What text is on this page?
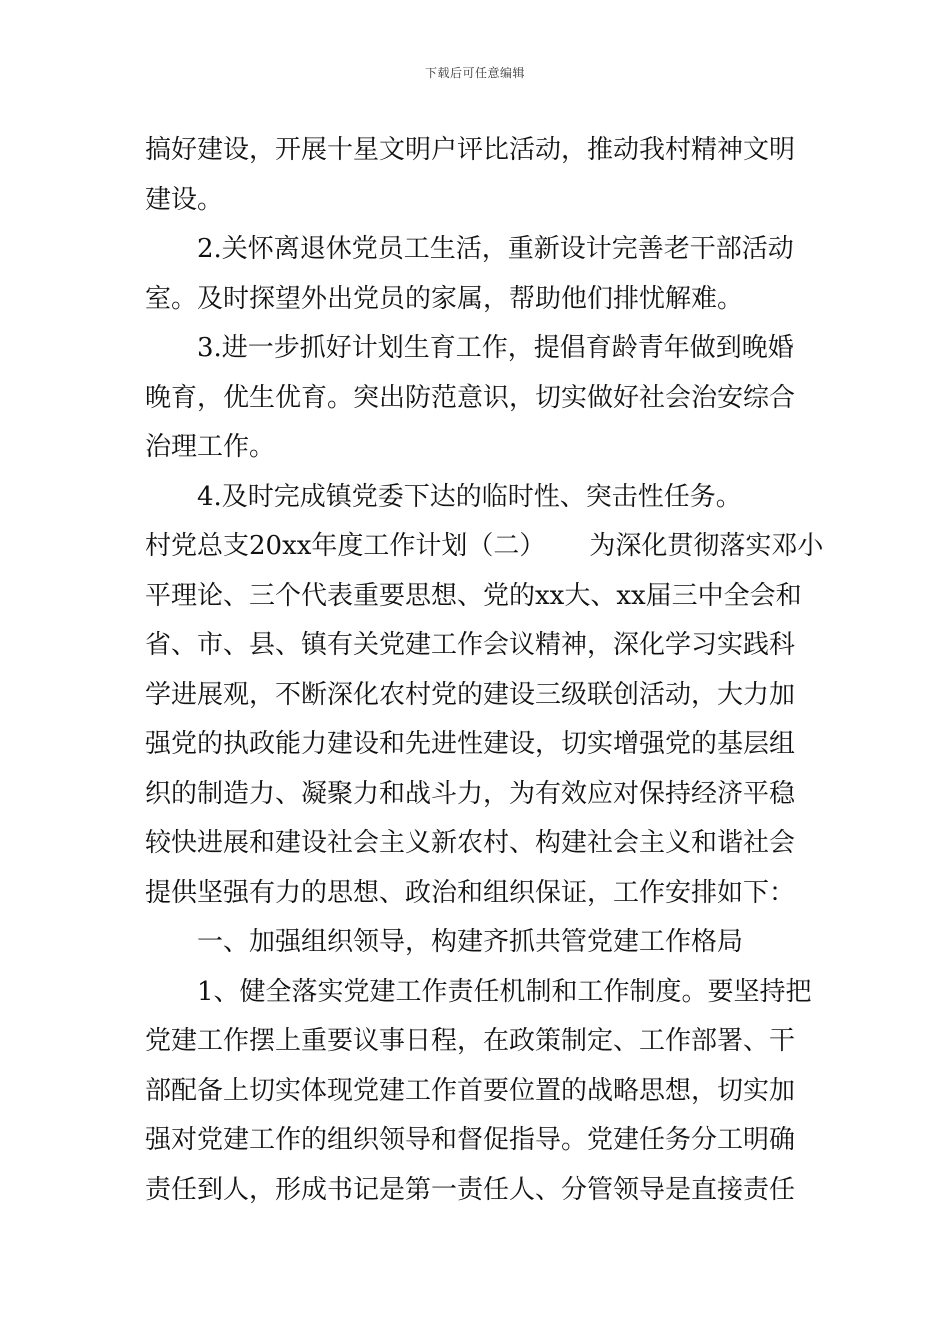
下载后可任意编辑
搞好建设，开展十星文明户评比活动，推动我村精神文明
建设。
2.关怀离退休党员工生活，重新设计完善老干部活动
室。及时探望外出党员的家属，帮助他们排忧解难。
3.进一步抓好计划生育工作，提倡育龄青年做到晚婚
晚育，优生优育。突出防范意识，切实做好社会治安综合
治理工作。
4.及时完成镇党委下达的临时性、突击性任务。
村党总支20xx年度工作计划（二） 为深化贯彻落实邓小
平理论、三个代表重要思想、党的xx大、xx届三中全会和
省、市、县、镇有关党建工作会议精神，深化学习实践科
学进展观，不断深化农村党的建设三级联创活动，大力加
强党的执政能力建设和先进性建设，切实增强党的基层组
织的制造力、凝聚力和战斗力，为有效应对保持经济平稳
较快进展和建设社会主义新农村、构建社会主义和谐社会
提供坚强有力的思想、政治和组织保证，工作安排如下：
一、加强组织领导，构建齐抓共管党建工作格局
1、健全落实党建工作责任机制和工作制度。要坚持把
党建工作摆上重要议事日程，在政策制定、工作部署、干
部配备上切实体现党建工作首要位置的战略思想，切实加
强对党建工作的组织领导和督促指导。党建任务分工明确
责任到人，形成书记是第一责任人、分管领导是直接责任
